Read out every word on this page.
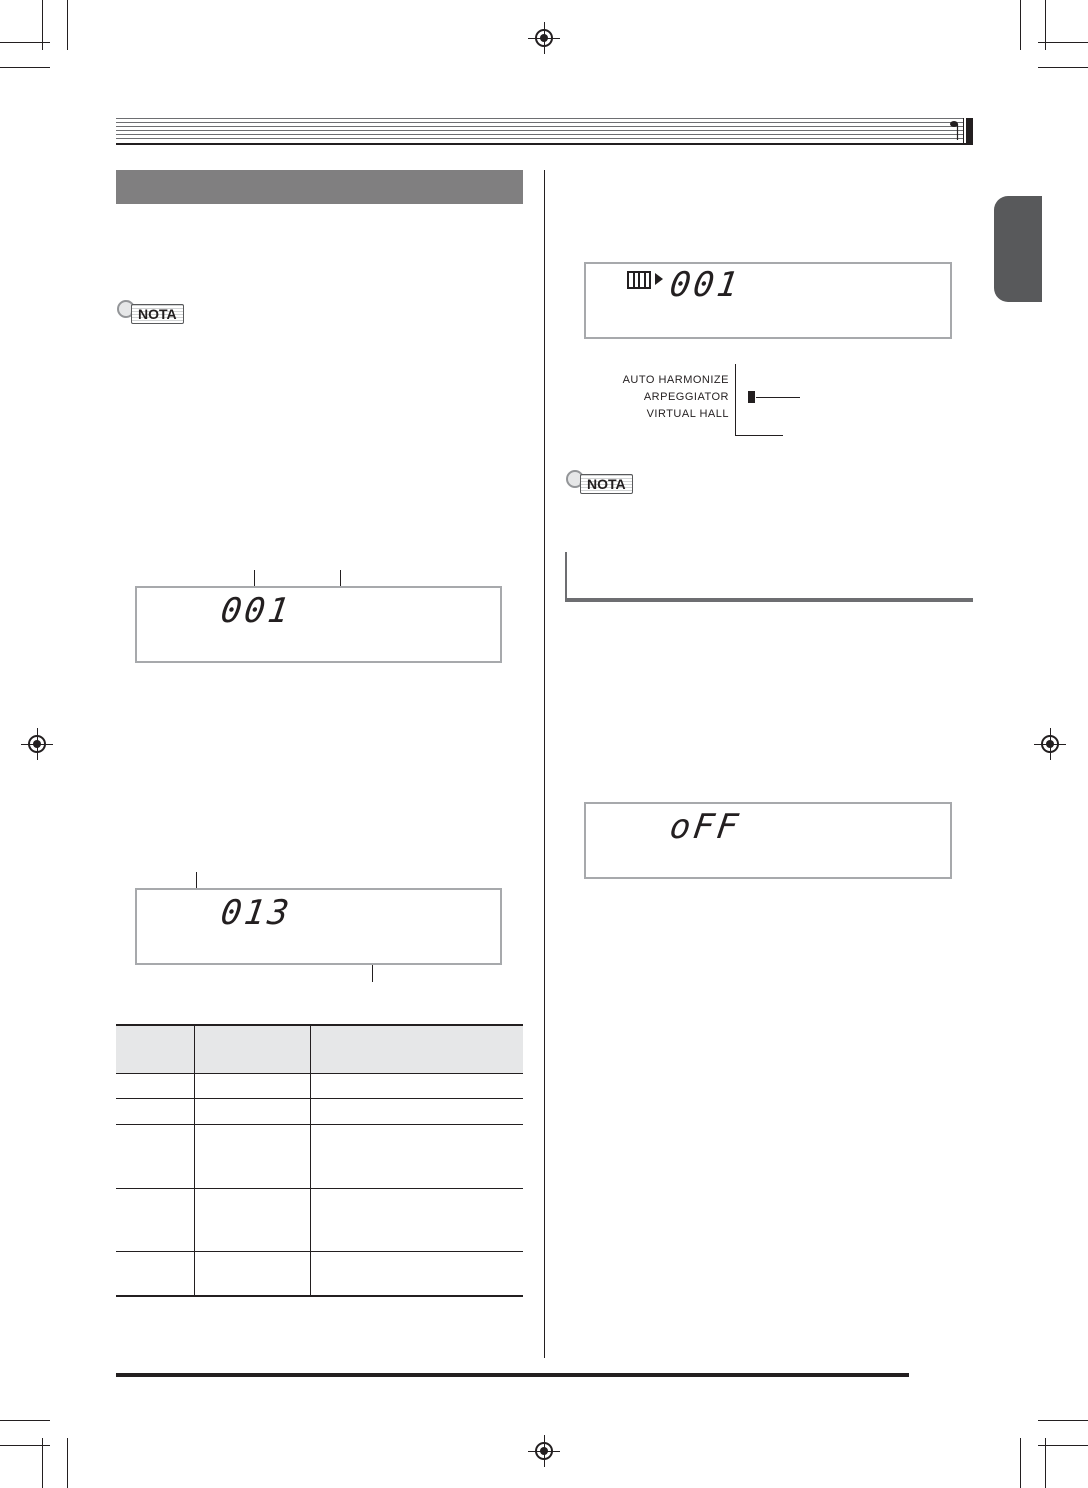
NOTA
001
013

001
AUTO HARMONIZE
ARPEGGIATOR
VIRTUAL HALL
NOTA
oFF
